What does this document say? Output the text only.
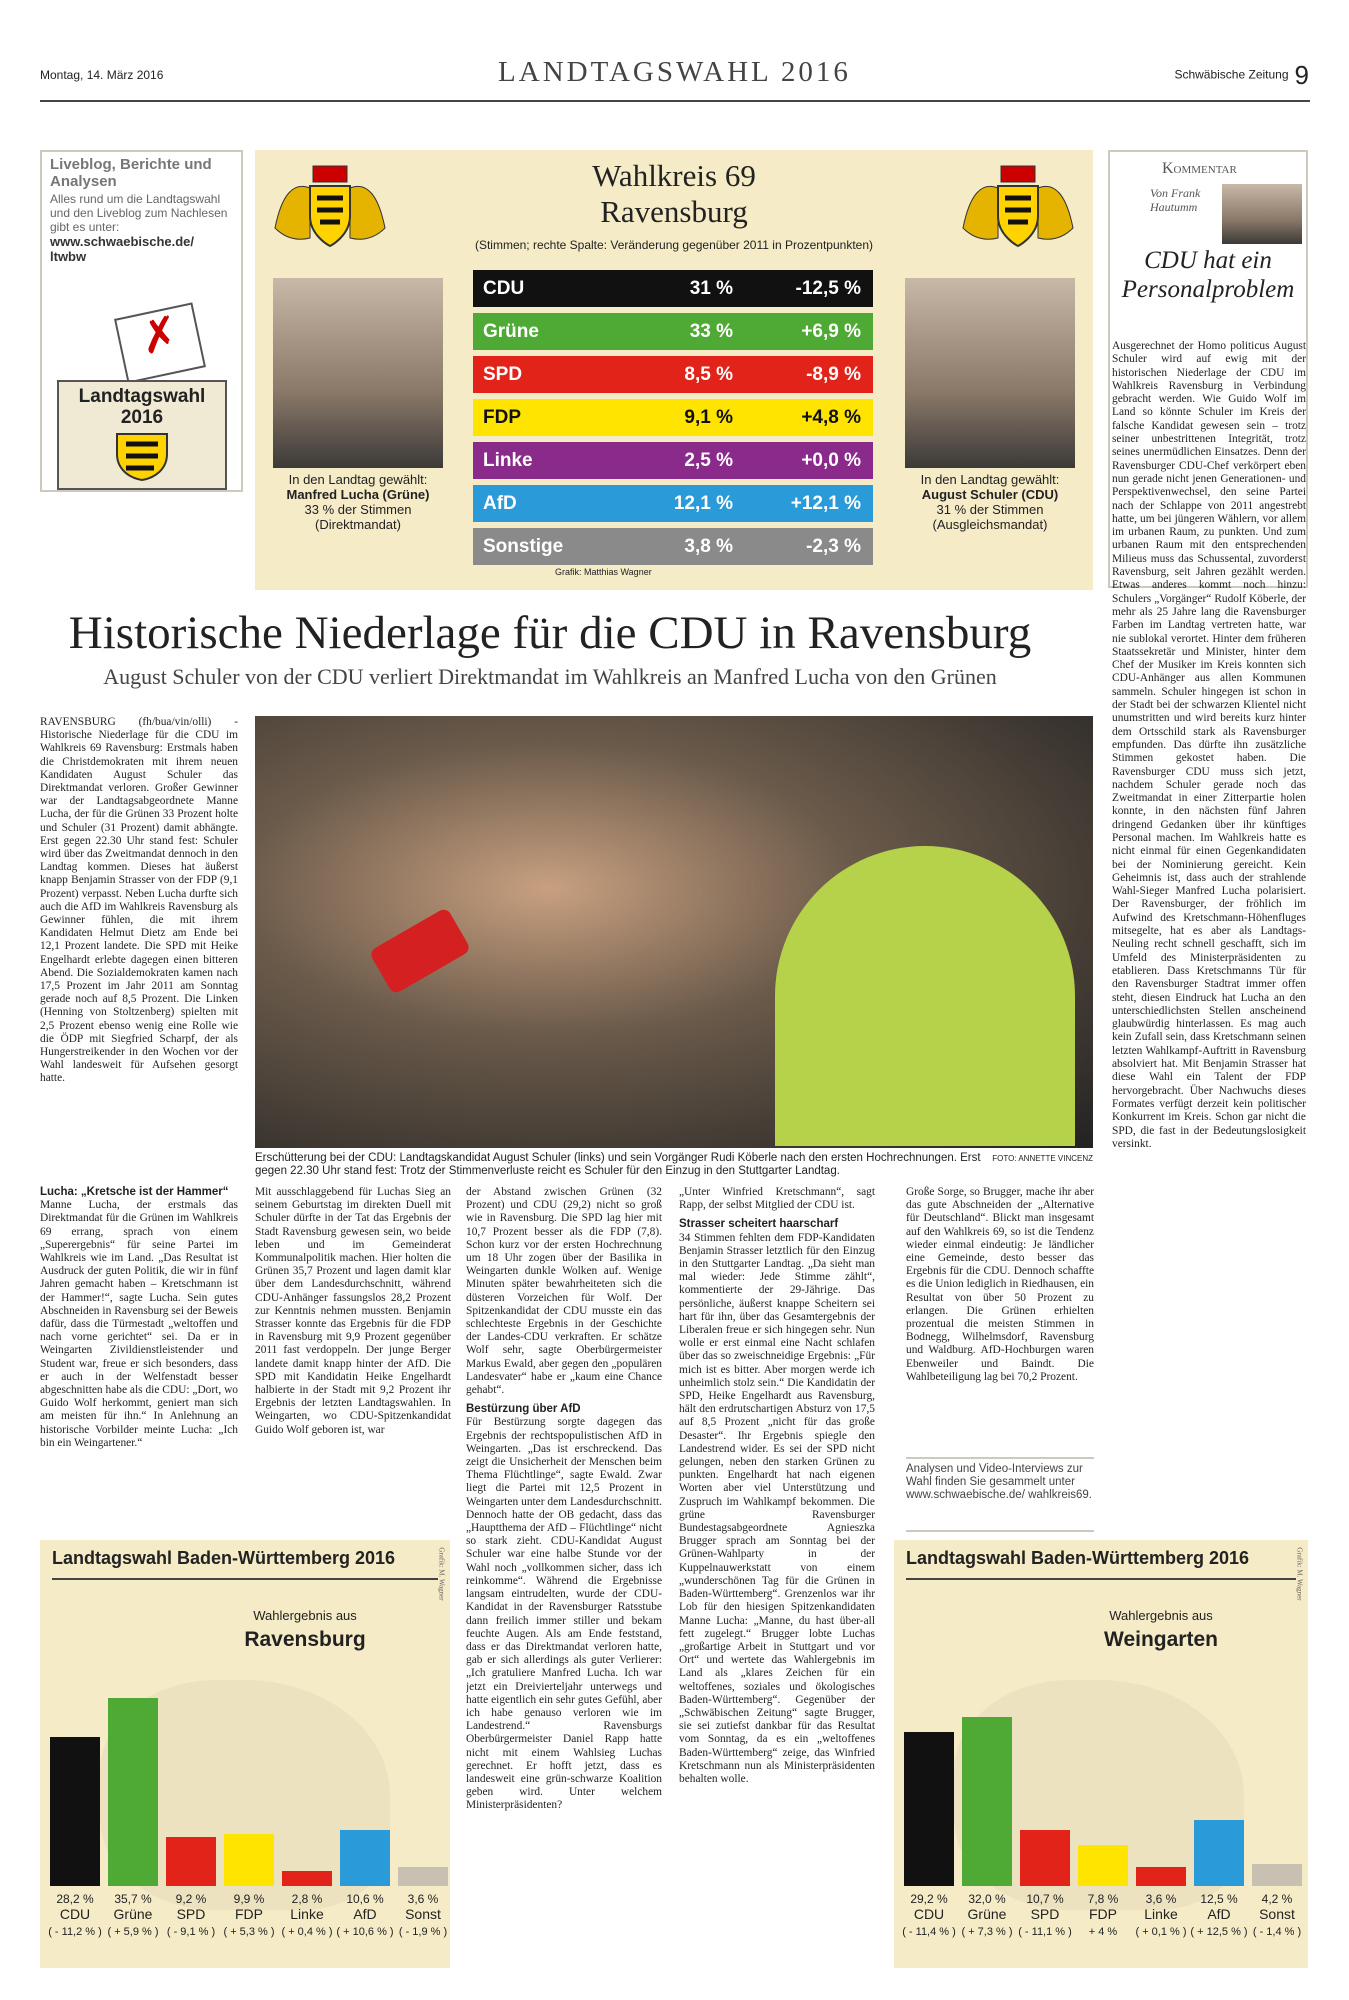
Montag, 14. März 2016	LANDTAGSWAHL 2016	Schwäbische Zeitung 9
Liveblog, Berichte und Analysen
Alles rund um die Landtagswahl und den Liveblog zum Nachlesen gibt es unter:
www.schwaebische.de/ ltwbw
✗
Landtagswahl 2016
Wahlkreis 69
Ravensburg
(Stimmen; rechte Spalte: Veränderung gegenüber 2011 in Prozentpunkten)
In den Landtag gewählt:
Manfred Lucha (Grüne)
33 % der Stimmen
(Direktmandat)
In den Landtag gewählt:
August Schuler (CDU)
31 % der Stimmen
(Ausgleichsmandat)
CDU	31 %	-12,5 %
Grüne	33 %	+6,9 %
SPD	8,5 %	-8,9 %
FDP	9,1 %	+4,8 %
Linke	2,5 %	+0,0 %
AfD	12,1 %	+12,1 %
Sonstige	3,8 %	-2,3 %
Grafik: Matthias Wagner
Kommentar
Von Frank
Hautumm
CDU hat ein Personalproblem
Ausgerechnet der Homo politicus August Schuler wird auf ewig mit der historischen Niederlage der CDU im Wahlkreis Ravensburg in Verbindung gebracht werden. Wie Guido Wolf im Land so könnte Schuler im Kreis der falsche Kandidat gewesen sein – trotz seiner unbestrittenen Integrität, trotz seines unermüdlichen Einsatzes. Denn der Ravensburger CDU-Chef verkörpert eben nun gerade nicht jenen Generationen- und Perspektivenwechsel, den seine Partei nach der Schlappe von 2011 angestrebt hatte, um bei jüngeren Wählern, vor allem im urbanen Raum, zu punkten. Und zum urbanen Raum mit den entsprechenden Milieus muss das Schussental, zuvorderst Ravensburg, seit Jahren gezählt werden. Etwas anderes kommt noch hinzu: Schulers „Vorgänger“ Rudolf Köberle, der mehr als 25 Jahre lang die Ravensburger Farben im Landtag vertreten hatte, war nie sublokal verortet. Hinter dem früheren Staatssekretär und Minister, hinter dem Chef der Musiker im Kreis konnten sich CDU-Anhänger aus allen Kommunen sammeln. Schuler hingegen ist schon in der Stadt bei der schwarzen Klientel nicht unumstritten und wird bereits kurz hinter dem Ortsschild stark als Ravensburger empfunden. Das dürfte ihn zusätzliche Stimmen gekostet haben. Die Ravensburger CDU muss sich jetzt, nachdem Schuler gerade noch das Zweitmandat in einer Zitterpartie holen konnte, in den nächsten fünf Jahren dringend Gedanken über ihr künftiges Personal machen. Im Wahlkreis hatte es nicht einmal für einen Gegenkandidaten bei der Nominierung gereicht. Kein Geheimnis ist, dass auch der strahlende Wahl-Sieger Manfred Lucha polarisiert. Der Ravensburger, der fröhlich im Aufwind des Kretschmann-Höhenfluges mitsegelte, hat es aber als Landtags-Neuling recht schnell geschafft, sich im Umfeld des Ministerpräsidenten zu etablieren. Dass Kretschmanns Tür für den Ravensburger Stadtrat immer offen steht, diesen Eindruck hat Lucha an den unterschiedlichsten Stellen anscheinend glaubwürdig hinterlassen. Es mag auch kein Zufall sein, dass Kretschmann seinen letzten Wahlkampf-Auftritt in Ravensburg absolviert hat. Mit Benjamin Strasser hat diese Wahl ein Talent der FDP hervorgebracht. Über Nachwuchs dieses Formates verfügt derzeit kein politischer Konkurrent im Kreis. Schon gar nicht die SPD, die fast in der Bedeutungslosigkeit versinkt.
Historische Niederlage für die CDU in Ravensburg
August Schuler von der CDU verliert Direktmandat im Wahlkreis an Manfred Lucha von den Grünen
RAVENSBURG (fh/bua/vin/olli) - Historische Niederlage für die CDU im Wahlkreis 69 Ravensburg: Erstmals haben die Christdemokraten mit ihrem neuen Kandidaten August Schuler das Direktmandat verloren. Großer Gewinner war der Landtagsabgeordnete Manne Lucha, der für die Grünen 33 Prozent holte und Schuler (31 Prozent) damit abhängte. Erst gegen 22.30 Uhr stand fest: Schuler wird über das Zweitmandat dennoch in den Landtag kommen. Dieses hat äußerst knapp Benjamin Strasser von der FDP (9,1 Prozent) verpasst. Neben Lucha durfte sich auch die AfD im Wahlkreis Ravensburg als Gewinner fühlen, die mit ihrem Kandidaten Helmut Dietz am Ende bei 12,1 Prozent landete. Die SPD mit Heike Engelhardt erlebte dagegen einen bitteren Abend. Die Sozialdemokraten kamen nach 17,5 Prozent im Jahr 2011 am Sonntag gerade noch auf 8,5 Prozent. Die Linken (Henning von Stoltzenberg) spielten mit 2,5 Prozent ebenso wenig eine Rolle wie die ÖDP mit Siegfried Scharpf, der als Hungerstreikender in den Wochen vor der Wahl landesweit für Aufsehen gesorgt hatte.
FOTO: ANNETTE VINCENZ
Erschütterung bei der CDU: Landtagskandidat August Schuler (links) und sein Vorgänger Rudi Köberle nach den ersten Hochrechnungen. Erst gegen 22.30 Uhr stand fest: Trotz der Stimmenverluste reicht es Schuler für den Einzug in den Stuttgarter Landtag.
Lucha: „Kretsche ist der Hammer“
Manne Lucha, der erstmals das Direktmandat für die Grünen im Wahlkreis 69 errang, sprach von einem „Superergebnis“ für seine Partei im Wahlkreis wie im Land. „Das Resultat ist Ausdruck der guten Politik, die wir in fünf Jahren gemacht haben – Kretschmann ist der Hammer!“, sagte Lucha. Sein gutes Abschneiden in Ravensburg sei der Beweis dafür, dass die Türmestadt „weltoffen und nach vorne gerichtet“ sei. Da er in Weingarten Zivildienstleistender und Student war, freue er sich besonders, dass er auch in der Welfenstadt besser abgeschnitten habe als die CDU: „Dort, wo Guido Wolf herkommt, geniert man sich am meisten für ihn.“ In Anlehnung an historische Vorbilder meinte Lucha: „Ich bin ein Weingartener.“
Mit ausschlaggebend für Luchas Sieg an seinem Geburtstag im direkten Duell mit Schuler dürfte in der Tat das Ergebnis der Stadt Ravensburg gewesen sein, wo beide leben und im Gemeinderat Kommunalpolitik machen. Hier holten die Grünen 35,7 Prozent und lagen damit klar über dem Landesdurchschnitt, während CDU-Anhänger fassungslos 28,2 Prozent zur Kenntnis nehmen mussten. Benjamin Strasser konnte das Ergebnis für die FDP in Ravensburg mit 9,9 Prozent gegenüber 2011 fast verdoppeln. Der junge Berger landete damit knapp hinter der AfD. Die SPD mit Kandidatin Heike Engelhardt halbierte in der Stadt mit 9,2 Prozent ihr Ergebnis der letzten Landtagswahlen. In Weingarten, wo CDU-Spitzenkandidat Guido Wolf geboren ist, war
der Abstand zwischen Grünen (32 Prozent) und CDU (29,2) nicht so groß wie in Ravensburg. Die SPD lag hier mit 10,7 Prozent besser als die FDP (7,8). Schon kurz vor der ersten Hochrechnung um 18 Uhr zogen über der Basilika in Weingarten dunkle Wolken auf. Wenige Minuten später bewahrheiteten sich die düsteren Vorzeichen für Wolf. Der Spitzenkandidat der CDU musste ein das schlechteste Ergebnis in der Geschichte der Landes-CDU verkraften. Er schätze Wolf sehr, sagte Oberbürgermeister Markus Ewald, aber gegen den „populären Landesvater“ habe er „kaum eine Chance gehabt“.
Bestürzung über AfD
Für Bestürzung sorgte dagegen das Ergebnis der rechtspopulistischen AfD in Weingarten. „Das ist erschreckend. Das zeigt die Unsicherheit der Menschen beim Thema Flüchtlinge“, sagte Ewald. Zwar liegt die Partei mit 12,5 Prozent in Weingarten unter dem Landesdurchschnitt. Dennoch hatte der OB gedacht, dass das „Hauptthema der AfD – Flüchtlinge“ nicht so stark zieht. CDU-Kandidat August Schuler war eine halbe Stunde vor der Wahl noch „vollkommen sicher, dass ich reinkomme“. Während die Ergebnisse langsam eintrudelten, wurde der CDU-Kandidat in der Ravensburger Ratsstube dann freilich immer stiller und bekam feuchte Augen. Als am Ende feststand, dass er das Direktmandat verloren hatte, gab er sich allerdings als guter Verlierer: „Ich gratuliere Manfred Lucha. Ich war jetzt ein Dreivierteljahr unterwegs und hatte eigentlich ein sehr gutes Gefühl, aber ich habe genauso verloren wie im Landestrend.“ Ravensburgs Oberbürgermeister Daniel Rapp hatte nicht mit einem Wahlsieg Luchas gerechnet. Er hofft jetzt, dass es landesweit eine grün-schwarze Koalition geben wird. Unter welchem Ministerpräsidenten?
„Unter Winfried Kretschmann“, sagt Rapp, der selbst Mitglied der CDU ist.
Strasser scheitert haarscharf
34 Stimmen fehlten dem FDP-Kandidaten Benjamin Strasser letztlich für den Einzug in den Stuttgarter Landtag. „Da sieht man mal wieder: Jede Stimme zählt“, kommentierte der 29-Jährige. Das persönliche, äußerst knappe Scheitern sei hart für ihn, über das Gesamtergebnis der Liberalen freue er sich hingegen sehr. Nun wolle er erst einmal eine Nacht schlafen über das so zweischneidige Ergebnis: „Für mich ist es bitter. Aber morgen werde ich unheimlich stolz sein.“ Die Kandidatin der SPD, Heike Engelhardt aus Ravensburg, hält den erdrutschartigen Absturz von 17,5 auf 8,5 Prozent „nicht für das große Desaster“. Ihr Ergebnis spiegle den Landestrend wider. Es sei der SPD nicht gelungen, neben den starken Grünen zu punkten. Engelhardt hat nach eigenen Worten aber viel Unterstützung und Zuspruch im Wahlkampf bekommen. Die grüne Ravensburger Bundestagsabgeordnete Agnieszka Brugger sprach am Sonntag bei der Grünen-Wahlparty in der Kuppelnauwerkstatt von einem „wunderschönen Tag für die Grünen in Baden-Württemberg“. Grenzenlos war ihr Lob für den hiesigen Spitzenkandidaten Manne Lucha: „Manne, du hast über-all fett zugelegt.“ Brugger lobte Luchas „großartige Arbeit in Stuttgart und vor Ort“ und wertete das Wahlergebnis im Land als „klares Zeichen für ein weltoffenes, soziales und ökologisches Baden-Württemberg“. Gegenüber der „Schwäbischen Zeitung“ sagte Brugger, sie sei zutiefst dankbar für das Resultat vom Sonntag, da es ein „weltoffenes Baden-Württemberg“ zeige, das Winfried Kretschmann nun als Ministerpräsidenten behalten wolle.
Große Sorge, so Brugger, mache ihr aber das gute Abschneiden der „Alternative für Deutschland“. Blickt man insgesamt auf den Wahlkreis 69, so ist die Tendenz wieder einmal eindeutig: Je ländlicher eine Gemeinde, desto besser das Ergebnis für die CDU. Dennoch schaffte es die Union lediglich in Riedhausen, ein Resultat von über 50 Prozent zu erlangen. Die Grünen erhielten prozentual die meisten Stimmen in Bodnegg, Wilhelmsdorf, Ravensburg und Waldburg. AfD-Hochburgen waren Ebenweiler und Baindt. Die Wahlbeteiligung lag bei 70,2 Prozent.
Analysen und Video-Interviews zur Wahl finden Sie gesammelt unter www.schwaebische.de/ wahlkreis69.
Landtagswahl Baden-Württemberg 2016
Wahlergebnis aus
Ravensburg
Grafik: M. Wagner
28,2 %
CDU
( - 11,2 % )
35,7 %
Grüne
( + 5,9 % )
9,2 %
SPD
( - 9,1 % )
9,9 %
FDP
( + 5,3 % )
2,8 %
Linke
( + 0,4 % )
10,6 %
AfD
( + 10,6 % )
3,6 %
Sonst
( - 1,9 % )
Landtagswahl Baden-Württemberg 2016
Wahlergebnis aus
Weingarten
Grafik: M. Wagner
29,2 %
CDU
( - 11,4 % )
32,0 %
Grüne
( + 7,3 % )
10,7 %
SPD
( - 11,1 % )
7,8 %
FDP
+ 4 %
3,6 %
Linke
( + 0,1 % )
12,5 %
AfD
( + 12,5 % )
4,2 %
Sonst
( - 1,4 % )
